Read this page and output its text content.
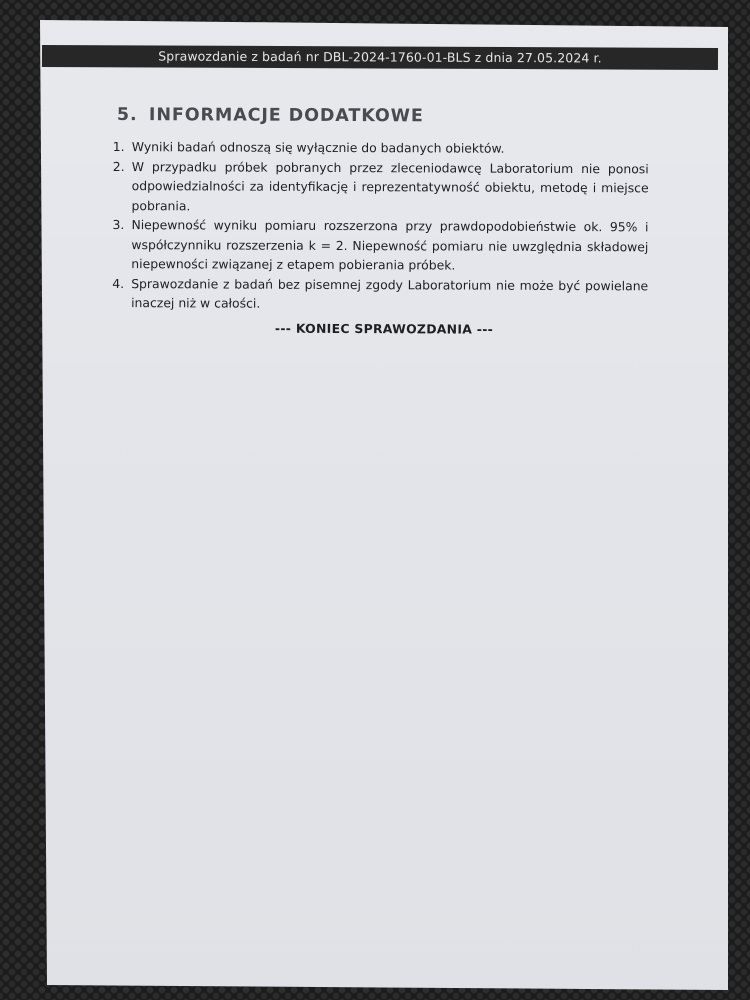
Sprawozdanie z badań nr DBL-2024-1760-01-BLS z dnia 27.05.2024 r.
5. INFORMACJE DODATKOWE
1. Wyniki badań odnoszą się wyłącznie do badanych obiektów.
2. W przypadku próbek pobranych przez zleceniodawcę Laboratorium nie ponosi odpowiedzialności za identyfikację i reprezentatywność obiektu, metodę i miejsce pobrania.
3. Niepewność wyniku pomiaru rozszerzona przy prawdopodobieństwie ok. 95% i współczynniku rozszerzenia k = 2. Niepewność pomiaru nie uwzględnia składowej niepewności związanej z etapem pobierania próbek.
4. Sprawozdanie z badań bez pisemnej zgody Laboratorium nie może być powielane inaczej niż w całości.
--- KONIEC SPRAWOZDANIA ---
